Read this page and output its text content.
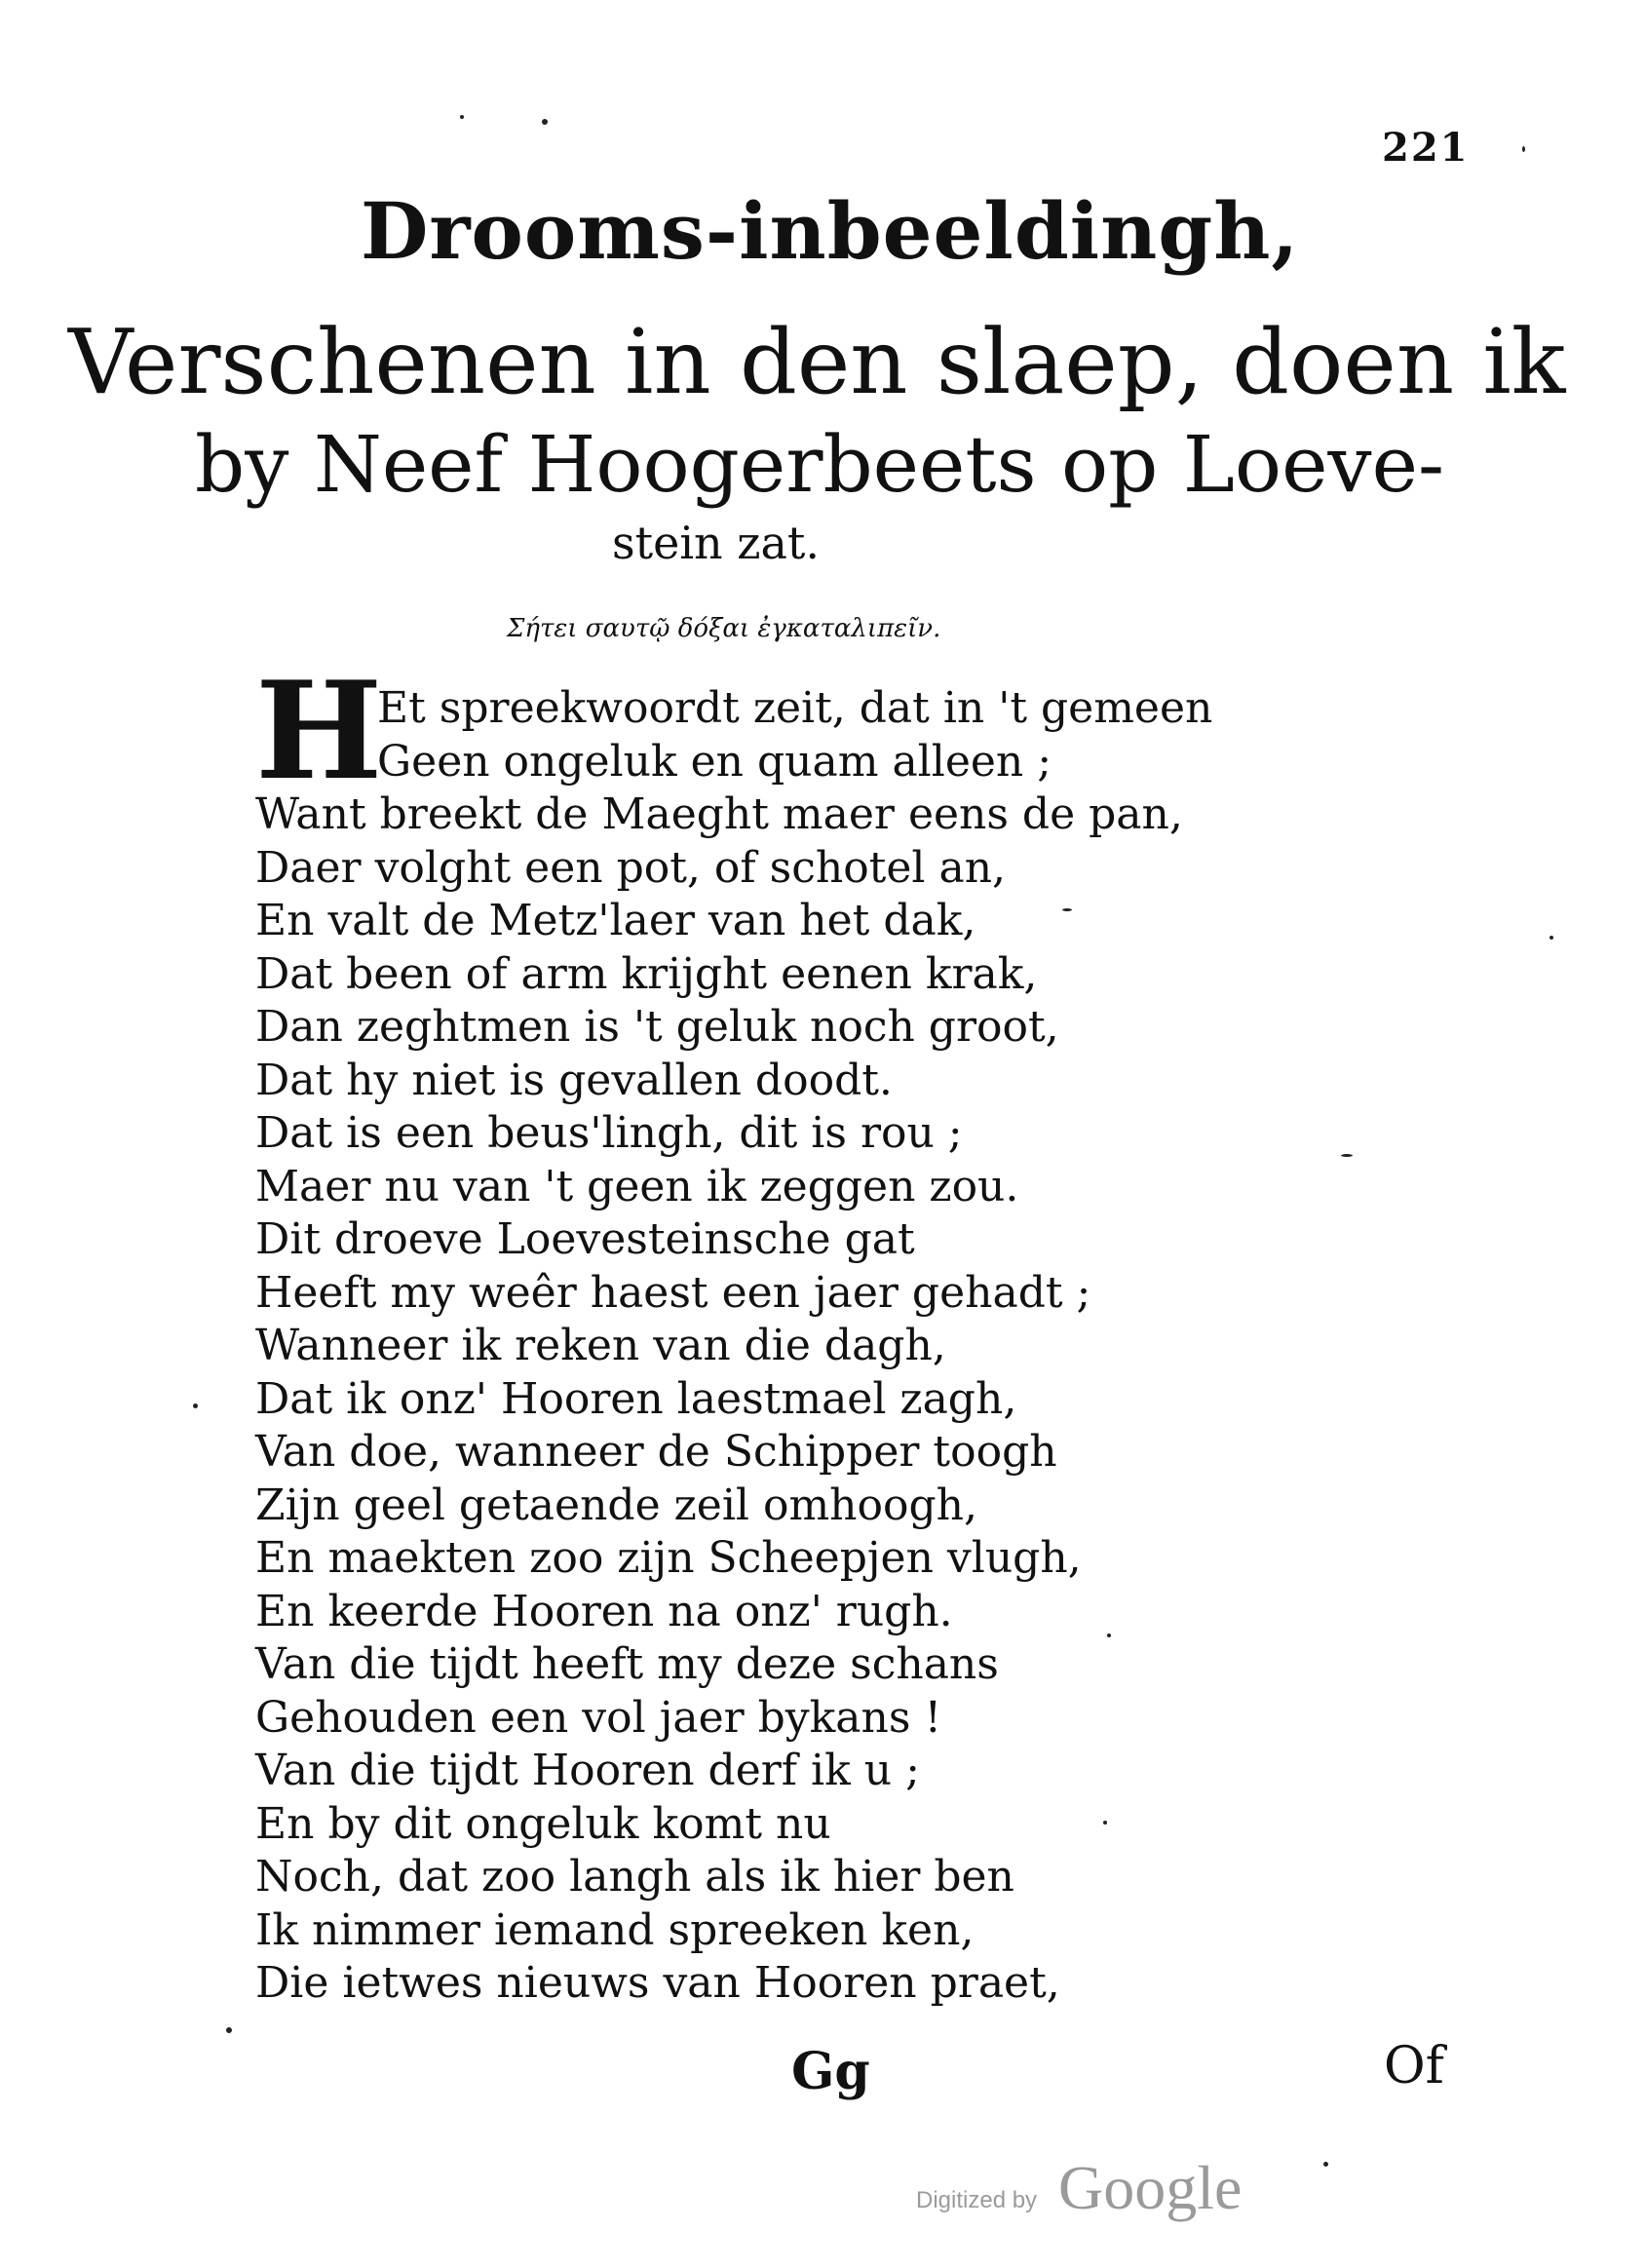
221
Drooms-inbeeldingh,
Verschenen in den slaep, doen ik
by Neef Hoogerbeets op Loeve-
stein zat.
Σήτει σαυτῷ δόξαι ἐγκαταλιπεῖν.
H
Et spreekwoordt zeit, dat in 't gemeen
Geen ongeluk en quam alleen ;
Want breekt de Maeght maer eens de pan,
Daer volght een pot, of schotel an,
En valt de Metz'laer van het dak,
Dat been of arm krijght eenen krak,
Dan zeghtmen is 't geluk noch groot,
Dat hy niet is gevallen doodt.
Dat is een beus'lingh, dit is rou ;
Maer nu van 't geen ik zeggen zou.
Dit droeve Loevesteinsche gat
Heeft my weêr haest een jaer gehadt ;
Wanneer ik reken van die dagh,
Dat ik onz' Hooren laestmael zagh,
Van doe, wanneer de Schipper toogh
Zijn geel getaende zeil omhoogh,
En maekten zoo zijn Scheepjen vlugh,
En keerde Hooren na onz' rugh.
Van die tijdt heeft my deze schans
Gehouden een vol jaer bykans !
Van die tijdt Hooren derf ik u ;
En by dit ongeluk komt nu
Noch, dat zoo langh als ik hier ben
Ik nimmer iemand spreeken ken,
Die ietwes nieuws van Hooren praet,
Gg	Of
Digitized by Google
